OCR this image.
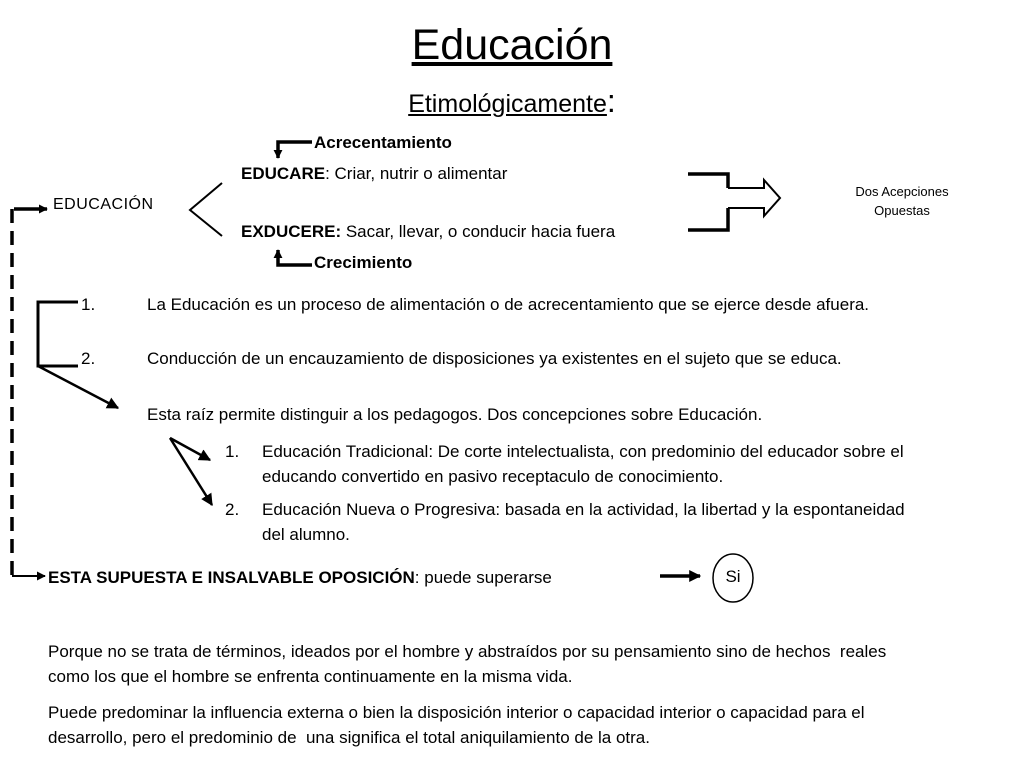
Educación
Etimológicamente:
Acrecentamiento
EDUCARE: Criar, nutrir o alimentar
EDUCACIÓN
EXDUCERE: Sacar, llevar, o conducir hacia fuera
Crecimiento
Dos Acepciones Opuestas
1.	La Educación es un proceso de alimentación o de acrecentamiento que se ejerce desde afuera.
2.	Conducción de un encauzamiento de disposiciones ya existentes en el sujeto que se educa.
Esta raíz permite distinguir a los pedagogos. Dos concepciones sobre Educación.
1. Educación Tradicional: De corte intelectualista, con predominio del educador sobre el educando convertido en pasivo receptaculo de conocimiento.
2. Educación Nueva o Progresiva: basada en la actividad, la libertad y la espontaneidad del alumno.
ESTA SUPUESTA E INSALVABLE OPOSICIÓN: puede superarse	Si
Porque no se trata de términos, ideados por el hombre y abstraídos por su pensamiento sino de hechos  reales como los que el hombre se enfrenta continuamente en la misma vida.
Puede predominar la influencia externa o bien la disposición interior o capacidad interior o capacidad para el desarrollo, pero el predominio de  una significa el total aniquilamiento de la otra.
